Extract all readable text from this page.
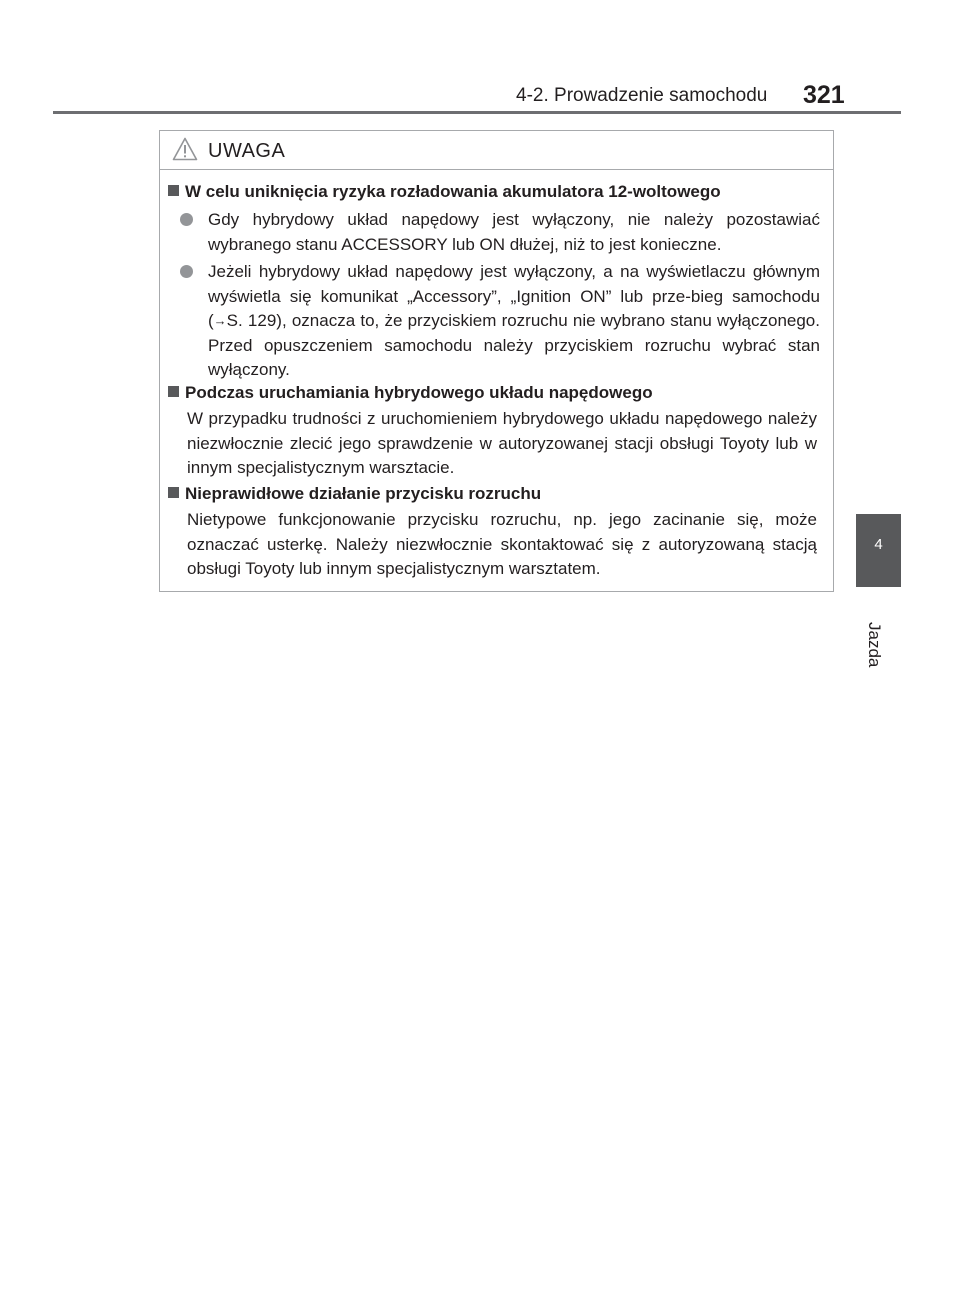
4-2. Prowadzenie samochodu 321
4
Jazda
UWAGA
W celu uniknięcia ryzyka rozładowania akumulatora 12-woltowego
Gdy hybrydowy układ napędowy jest wyłączony, nie należy pozostawiać wybranego stanu ACCESSORY lub ON dłużej, niż to jest konieczne.
Jeżeli hybrydowy układ napędowy jest wyłączony, a na wyświetlaczu głównym wyświetla się komunikat „Accessory”, „Ignition ON” lub prze-bieg samochodu (→S. 129), oznacza to, że przyciskiem rozruchu nie wybrano stanu wyłączonego. Przed opuszczeniem samochodu należy przyciskiem rozruchu wybrać stan wyłączony.
Podczas uruchamiania hybrydowego układu napędowego
W przypadku trudności z uruchomieniem hybrydowego układu napędowego należy niezwłocznie zlecić jego sprawdzenie w autoryzowanej stacji obsługi Toyoty lub w innym specjalistycznym warsztacie.
Nieprawidłowe działanie przycisku rozruchu
Nietypowe funkcjonowanie przycisku rozruchu, np. jego zacinanie się, może oznaczać usterkę. Należy niezwłocznie skontaktować się z autoryzowaną stacją obsługi Toyoty lub innym specjalistycznym warsztatem.
